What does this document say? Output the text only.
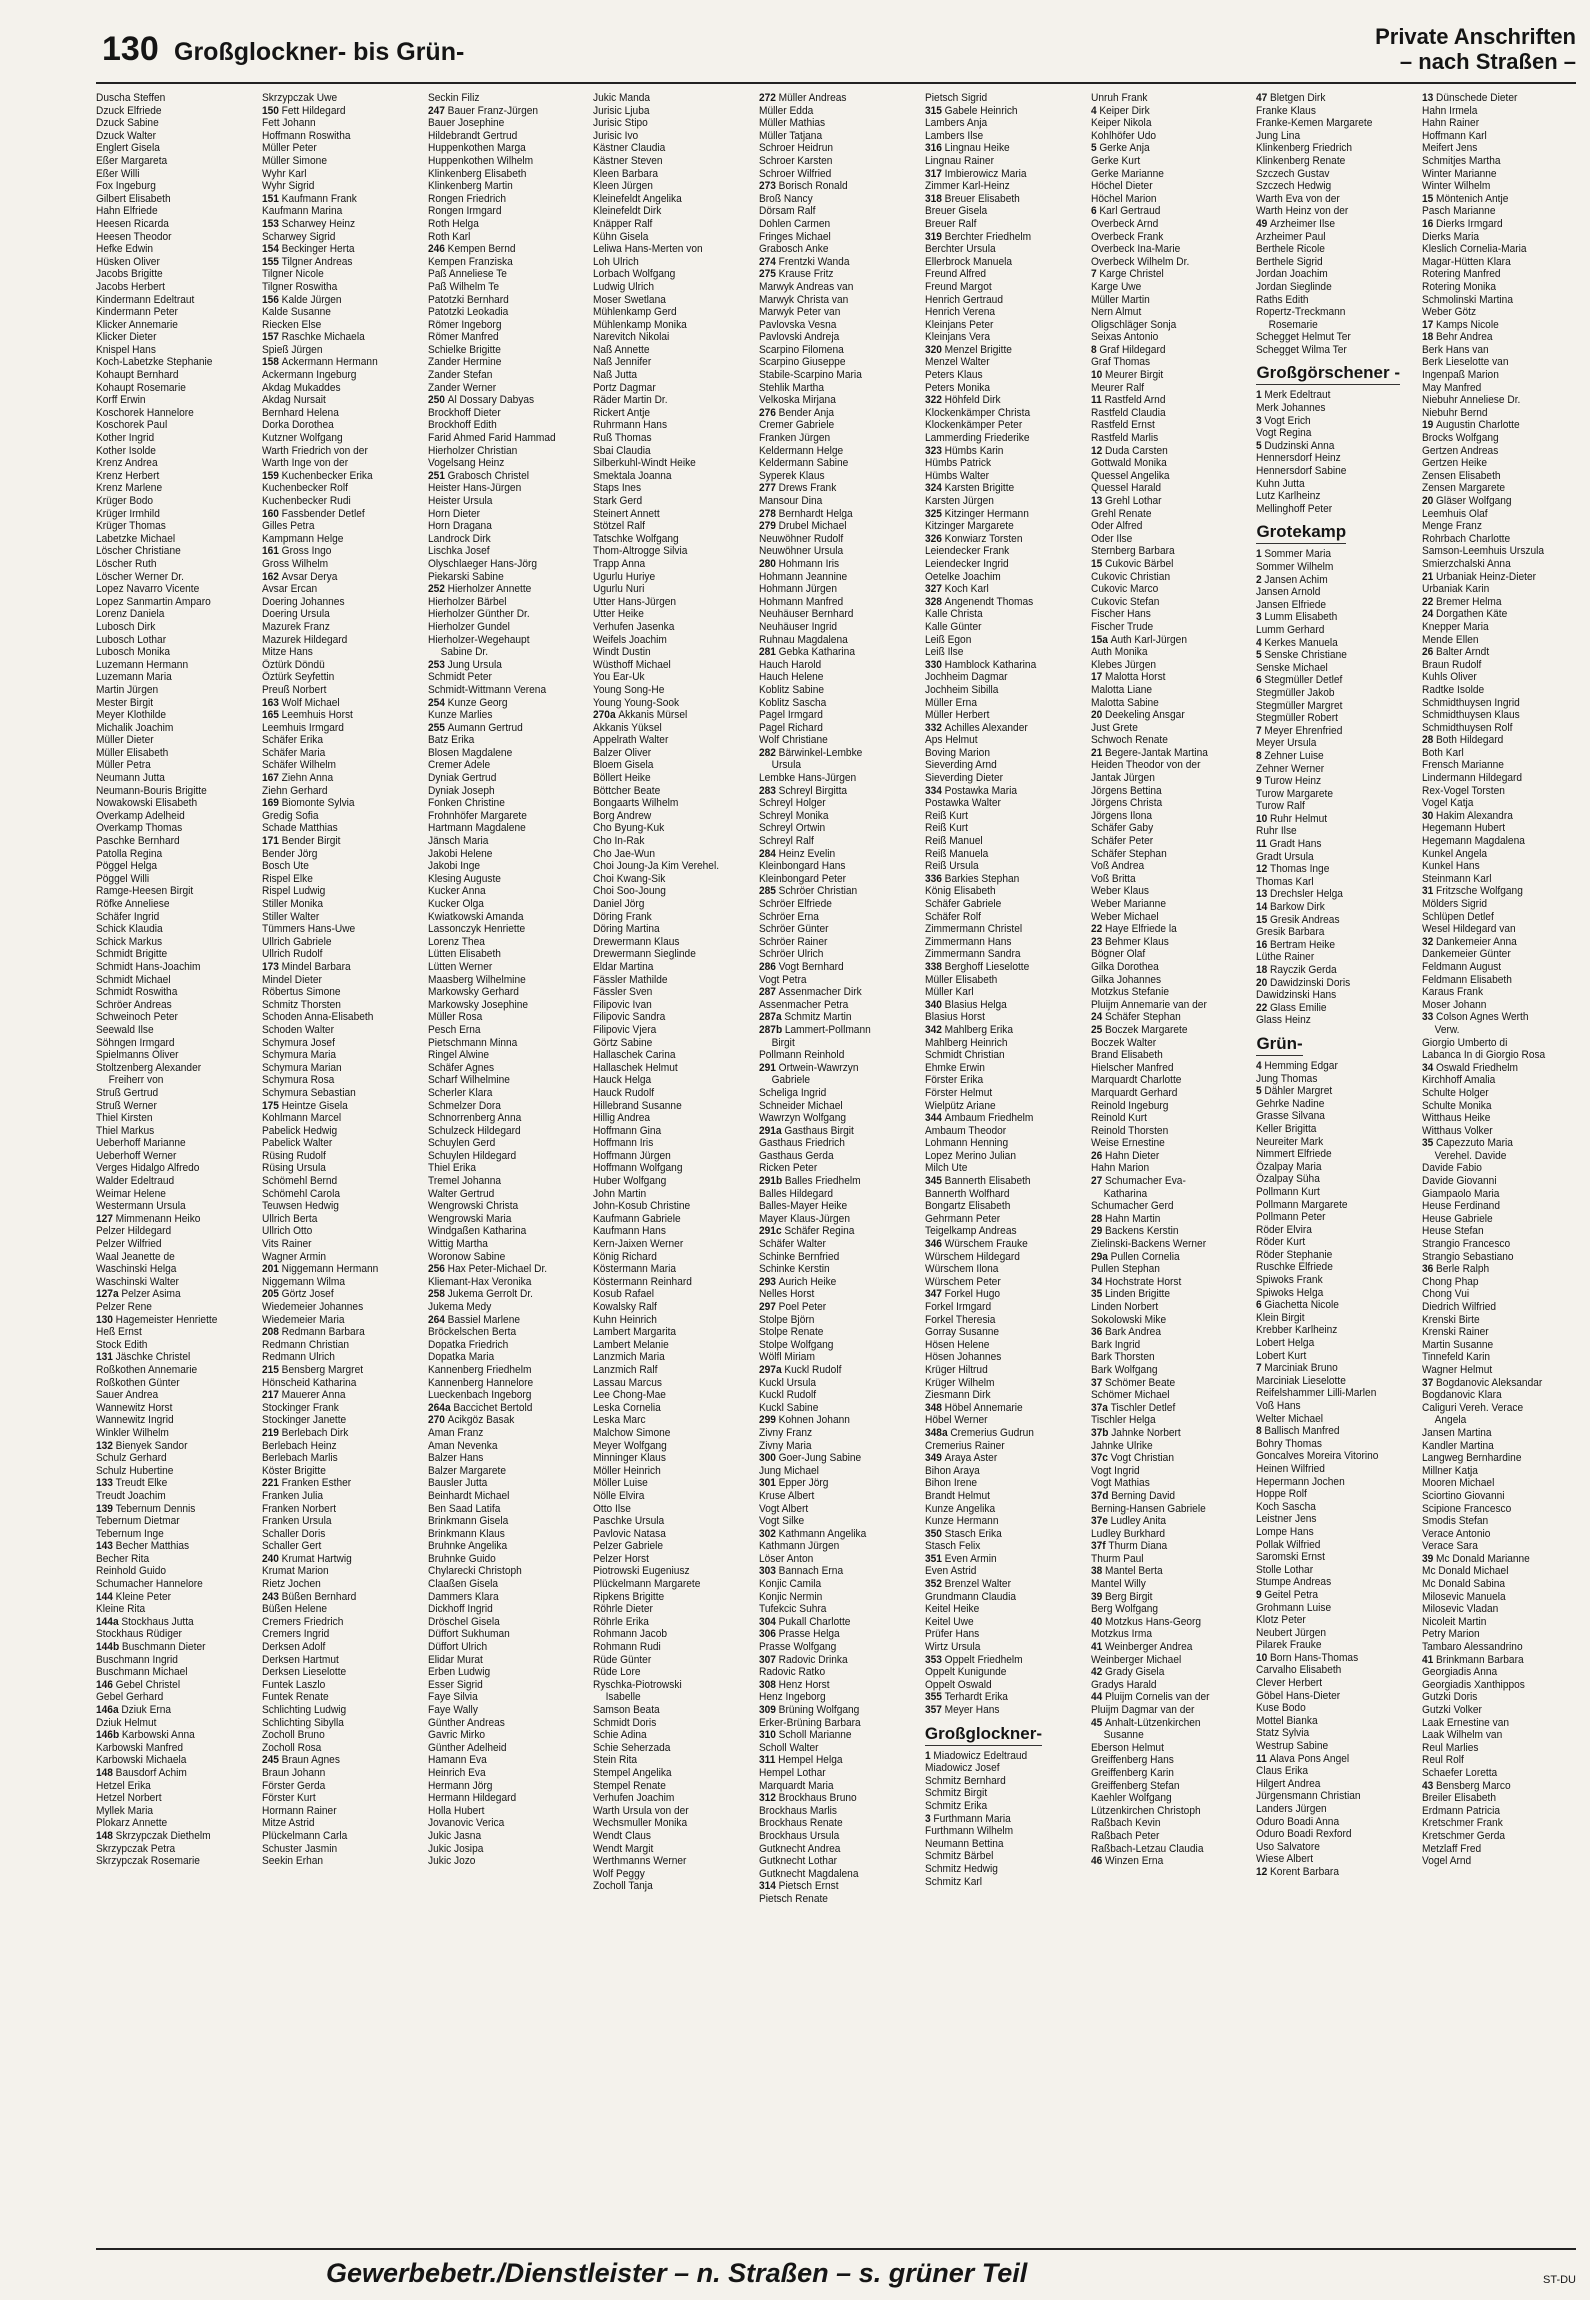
130 Großglockner- bis Grün-
Private Anschriften
– nach Straßen –
Duscha Steffen
Dzuck Elfriede
Dzuck Sabine
Dzuck Walter
Englert Gisela
Eßer Margareta
Eßer Willi
Fox Ingeburg
Gilbert Elisabeth
Hahn Elfriede
Heesen Ricarda
Heesen Theodor
Hefke Edwin
Hüsken Oliver
Jacobs Brigitte
Jacobs Herbert
Kindermann Edeltraut
Kindermann Peter
Klicker Annemarie
Klicker Dieter
Knispel Hans
Koch-Labetzke Stephanie
Kohaupt Bernhard
Kohaupt Rosemarie
Korff Erwin
Koschorek Hannelore
Koschorek Paul
Kother Ingrid
Kother Isolde
Krenz Andrea
Krenz Herbert
Krenz Marlene
Krüger Bodo
Krüger Irmhild
Krüger Thomas
Labetzke Michael
Löscher Christiane
Löscher Ruth
Löscher Werner Dr.
Lopez Navarro Vicente
Lopez Sanmartin Amparo
Lorenz Daniela
Lubosch Dirk
Lubosch Lothar
Lubosch Monika
Luzemann Hermann
Luzemann Maria
Martin Jürgen
Mester Birgit
Meyer Klothilde
Michalik Joachim
Müller Dieter
Müller Elisabeth
Müller Petra
Neumann Jutta
Neumann-Bouris Brigitte
Nowakowski Elisabeth
Overkamp Adelheid
Overkamp Thomas
Paschke Bernhard
Patolla Regina
Pöggel Helga
Pöggel Willi
Ramge-Heesen Birgit
Röfke Anneliese
Schäfer Ingrid
Schick Klaudia
Schick Markus
Schmidt Brigitte
Schmidt Hans-Joachim
Schmidt Michael
Schmidt Roswitha
Schröer Andreas
Schweinoch Peter
Seewald Ilse
Söhngen Irmgard
Spielmanns Oliver
Stoltzenberg Alexander
Freiherr von
Struß Gertrud
Struß Werner
Thiel Kirsten
Thiel Markus
Ueberhoff Marianne
Ueberhoff Werner
Verges Hidalgo Alfredo
Walder Edeltraud
Weimar Helene
Westermann Ursula
127 Mimmenann Heiko
Pelzer Hildegard
Pelzer Wilfried
Waal Jeanette de
Waschinski Helga
Waschinski Walter
127a Pelzer Asima
Pelzer Rene
130 Hagemeister Henriette
Heß Ernst
Stock Edith
131 Jäschke Christel
Roßkothen Annemarie
Roßkothen Günter
Sauer Andrea
Wannewitz Horst
Wannewitz Ingrid
Winkler Wilhelm
132 Bienyek Sandor
Schulz Gerhard
Schulz Hubertine
133 Treudt Elke
Treudt Joachim
139 Tebernum Dennis
Tebernum Dietmar
Tebernum Inge
143 Becher Matthias
Becher Rita
Reinhold Guido
Schumacher Hannelore
144 Kleine Peter
Kleine Rita
144a Stockhaus Jutta
Stockhaus Rüdiger
144b Buschmann Dieter
Buschmann Ingrid
Buschmann Michael
146 Gebel Christel
Gebel Gerhard
146a Dziuk Erna
Dziuk Helmut
146b Karbowski Anna
Karbowski Manfred
Karbowski Michaela
148 Bausdorf Achim
Hetzel Erika
Hetzel Norbert
Myllek Maria
Plokarz Annette
148 Skrzypczak Diethelm
Skrzypczak Petra
Skrzypczak Rosemarie
Skrzypczak Uwe
150 Fett Hildegard
Fett Johann
Hoffmann Roswitha
Müller Peter
Müller Simone
Wyhr Karl
Wyhr Sigrid
151 Kaufmann Frank
Kaufmann Marina
153 Scharwey Heinz
Scharwey Sigrid
154 Beckinger Herta
155 Tilgner Andreas
Tilgner Nicole
Tilgner Roswitha
156 Kalde Jürgen
Kalde Susanne
Riecken Else
157 Raschke Michaela
Spieß Jürgen
158 Ackermann Hermann
Ackermann Ingeburg
Akdag Mukaddes
Akdag Nursait
Bernhard Helena
Dorka Dorothea
Kutzner Wolfgang
Warth Friedrich von der
Warth Inge von der
159 Kuchenbecker Erika
Kuchenbecker Rolf
Kuchenbecker Rudi
160 Fassbender Detlef
Gilles Petra
Kampmann Helge
161 Gross Ingo
Gross Wilhelm
162 Avsar Derya
Avsar Ercan
Doering Johannes
Doering Ursula
Mazurek Franz
Mazurek Hildegard
Mitze Hans
Öztürk Döndü
Öztürk Seyfettin
Preuß Norbert
163 Wolf Michael
165 Leemhuis Horst
Leemhuis Irmgard
Schäfer Erika
Schäfer Maria
Schäfer Wilhelm
167 Ziehn Anna
Ziehn Gerhard
169 Biomonte Sylvia
Gredig Sofia
Schade Matthias
171 Bender Birgit
Bender Jörg
Bosch Ute
Rispel Elke
Rispel Ludwig
Stiller Monika
Stiller Walter
Tümmers Hans-Uwe
Ullrich Gabriele
Ullrich Rudolf
173 Mindel Barbara
Mindel Dieter
Röbertus Simone
Schmitz Thorsten
Schoden Anna-Elisabeth
Schoden Walter
Schymura Josef
Schymura Maria
Schymura Marian
Schymura Rosa
Schymura Sebastian
175 Heintze Gisela
Kohlmann Marcel
Pabelick Hedwig
Pabelick Walter
Rüsing Rudolf
Rüsing Ursula
Schömehl Bernd
Schömehl Carola
Teuwsen Hedwig
Ullrich Berta
Ullrich Otto
Vits Rainer
Wagner Armin
201 Niggemann Hermann
Niggemann Wilma
205 Görtz Josef
Wiedemeier Johannes
Wiedemeier Maria
208 Redmann Barbara
Redmann Christian
Redmann Ulrich
215 Bensberg Margret
Hönscheid Katharina
217 Mauerer Anna
Stockinger Frank
Stockinger Janette
219 Berlebach Dirk
Berlebach Heinz
Berlebach Marlis
Köster Brigitte
221 Franken Esther
Franken Julia
Franken Norbert
Franken Ursula
Schaller Doris
Schaller Gert
240 Krumat Hartwig
Krumat Marion
Rietz Jochen
243 Büßen Bernhard
Büßen Helene
Cremers Friedrich
Cremers Ingrid
Derksen Adolf
Derksen Hartmut
Derksen Lieselotte
Funtek Laszlo
Funtek Renate
Schlichting Ludwig
Schlichting Sibylla
Zocholl Bruno
Zocholl Rosa
245 Braun Agnes
Braun Johann
Förster Gerda
Förster Kurt
Hormann Rainer
Mitze Astrid
Plückelmann Carla
Schuster Jasmin
Seekin Erhan
Seckin Filiz
247 Bauer Franz-Jürgen
Bauer Josephine
Hildebrandt Gertrud
Huppenkothen Marga
Huppenkothen Wilhelm
Klinkenberg Elisabeth
Klinkenberg Martin
Rongen Friedrich
Rongen Irmgard
Roth Helga
Roth Karl
246 Kempen Bernd
Kempen Franziska
Paß Anneliese Te
Paß Wilhelm Te
Patotzki Bernhard
Patotzki Leokadia
Römer Ingeborg
Römer Manfred
Schielke Brigitte
Zander Hermine
Zander Stefan
Zander Werner
250 Al Dossary Dabyas
Brockhoff Dieter
Brockhoff Edith
Farid Ahmed Farid Hammad
Hierholzer Christian
Vogelsang Heinz
251 Grabosch Christel
Heister Hans-Jürgen
Heister Ursula
Horn Dieter
Horn Dragana
Landrock Dirk
Lischka Josef
Olyschlaeger Hans-Jörg
Piekarski Sabine
252 Hierholzer Annette
Hierholzer Bärbel
Hierholzer Günther Dr.
Hierholzer Gundel
Hierholzer-Wegehaupt
Sabine Dr.
253 Jung Ursula
Schmidt Peter
Schmidt-Wittmann Verena
254 Kunze Georg
Kunze Marlies
255 Aumann Gertrud
Batz Erika
Blosen Magdalene
Cremer Adele
Dyniak Gertrud
Dyniak Joseph
Fonken Christine
Frohnhöfer Margarete
Hartmann Magdalene
Jänsch Maria
Jakobi Helene
Jakobi Inge
Klesing Auguste
Kucker Anna
Kucker Olga
Kwiatkowski Amanda
Lassonczyk Henriette
Lorenz Thea
Lütten Elisabeth
Lütten Werner
Maasberg Wilhelmine
Markowsky Gerhard
Markowsky Josephine
Müller Rosa
Pesch Erna
Pietschmann Minna
Ringel Alwine
Schäfer Agnes
Scharf Wilhelmine
Scherler Klara
Schmelzer Dora
Schnorrenberg Anna
Schulzeck Hildegard
Schuylen Gerd
Schuylen Hildegard
Thiel Erika
Tremel Johanna
Walter Gertrud
Wengrowski Christa
Wengrowski Maria
Windgaßen Katharina
Wittig Martha
Woronow Sabine
256 Hax Peter-Michael Dr.
Kliemant-Hax Veronika
258 Jukema Gerrolt Dr.
Jukema Medy
264 Bassiel Marlene
Bröckelschen Berta
Dopatka Friedrich
Dopatka Maria
Kannenberg Friedhelm
Kannenberg Hannelore
Lueckenbach Ingeborg
264a Baccichet Bertold
270 Acikgöz Basak
Aman Franz
Aman Nevenka
Balzer Hans
Balzer Margarete
Bausler Jutta
Beinhardt Michael
Ben Saad Latifa
Brinkmann Gisela
Brinkmann Klaus
Bruhnke Angelika
Bruhnke Guido
Chylarecki Christoph
Claaßen Gisela
Dammers Klara
Dickhoff Ingrid
Dröschel Gisela
Düffort Sukhuman
Düffort Ulrich
Elidar Murat
Erben Ludwig
Esser Sigrid
Faye Silvia
Faye Wally
Günther Andreas
Gavric Mirko
Günther Adelheid
Hamann Eva
Heinrich Eva
Hermann Jörg
Hermann Hildegard
Holla Hubert
Jovanovic Verica
Jukic Jasna
Jukic Josipa
Jukic Jozo
Jukic Manda
Jurisic Ljuba
Jurisic Stipo
Jurisic Ivo
Kästner Claudia
Kästner Steven
Kleen Barbara
Kleen Jürgen
Kleinefeldt Angelika
Kleinefeldt Dirk
Knäpper Ralf
Kühn Gisela
Leliwa Hans-Merten von
Loh Ulrich
Lorbach Wolfgang
Ludwig Ulrich
Moser Swetlana
Mühlenkamp Gerd
Mühlenkamp Monika
Narevitch Nikolai
Naß Annette
Naß Jennifer
Naß Jutta
Portz Dagmar
Räder Martin Dr.
Rickert Antje
Ruhrmann Hans
Ruß Thomas
Sbai Claudia
Silberkuhl-Windt Heike
Smektala Joanna
Staps Ines
Stark Gerd
Steinert Annett
Stötzel Ralf
Tatschke Wolfgang
Thom-Altrogge Silvia
Trapp Anna
Ugurlu Huriye
Ugurlu Nuri
Utter Hans-Jürgen
Utter Heike
Verhufen Jasenka
Weifels Joachim
Windt Dustin
Wüsthoff Michael
You Ear-Uk
Young Song-He
Young Young-Sook
270a Akkanis Mürsel
Akkanis Yüksel
Appelrath Walter
Balzer Oliver
Bloem Gisela
Böllert Heike
Böttcher Beate
Bongaarts Wilhelm
Borg Andrew
Cho Byung-Kuk
Cho In-Rak
Cho Jae-Wun
Choi Joung-Ja Kim Verehel.
Choi Kwang-Sik
Choi Soo-Joung
Daniel Jörg
Döring Frank
Döring Martina
Drewermann Klaus
Drewermann Sieglinde
Eldar Martina
Fässler Mathilde
Fässler Sven
Filipovic Ivan
Filipovic Sandra
Filipovic Vjera
Görtz Sabine
Hallaschek Carina
Hallaschek Helmut
Hauck Helga
Hauck Rudolf
Hillebrand Susanne
Hillig Andrea
Hoffmann Gina
Hoffmann Iris
Hoffmann Jürgen
Hoffmann Wolfgang
Huber Wolfgang
John Martin
John-Kosub Christine
Kaufmann Gabriele
Kaufmann Hans
Kern-Jaixen Werner
König Richard
Köstermann Maria
Köstermann Reinhard
Kosub Rafael
Kowalsky Ralf
Kuhn Heinrich
Lambert Margarita
Lambert Melanie
Lanzmich Maria
Lanzmich Ralf
Lassau Marcus
Lee Chong-Mae
Leska Cornelia
Leska Marc
Malchow Simone
Meyer Wolfgang
Minninger Klaus
Möller Heinrich
Möller Luise
Nölle Elvira
Otto Ilse
Paschke Ursula
Pavlovic Natasa
Pelzer Gabriele
Pelzer Horst
Piotrowski Eugeniusz
Plückelmann Margarete
Ripkens Brigitte
Röhrle Dieter
Röhrle Erika
Rohmann Jacob
Rohmann Rudi
Rüde Günter
Rüde Lore
Ryschka-Piotrowski
Isabelle
Samson Beata
Schmidt Doris
Schie Adina
Schie Seherzada
Stein Rita
Stempel Angelika
Stempel Renate
Verhufen Joachim
Warth Ursula von der
Wechsmuller Monika
Wendt Claus
Wendt Margit
Werthmanns Werner
Wolf Peggy
Zocholl Tanja
272 Müller Andreas
Müller Edda
Müller Mathias
Müller Tatjana
Schroer Heidrun
Schroer Karsten
Schroer Wilfried
273 Borisch Ronald
Broß Nancy
Dörsam Ralf
Dohlen Carmen
Fringes Michael
Grabosch Anke
274 Frentzki Wanda
275 Krause Fritz
Marwyk Andreas van
Marwyk Christa van
Marwyk Peter van
Pavlovska Vesna
Pavlovski Andreja
Scarpino Filomena
Scarpino Giuseppe
Stabile-Scarpino Maria
Stehlik Martha
Velkoska Mirjana
276 Bender Anja
Cremer Gabriele
Franken Jürgen
Keldermann Helge
Keldermann Sabine
Syperek Klaus
277 Drews Frank
Mansour Dina
278 Bernhardt Helga
279 Drubel Michael
Neuwöhner Rudolf
Neuwöhner Ursula
280 Hohmann Iris
Hohmann Jeannine
Hohmann Jürgen
Hohmann Manfred
Neuhäuser Bernhard
Neuhäuser Ingrid
Ruhnau Magdalena
281 Gebka Katharina
Hauch Harold
Hauch Helene
Koblitz Sabine
Koblitz Sascha
Pagel Irmgard
Pagel Richard
Wolf Christiane
282 Bärwinkel-Lembke
Ursula
Lembke Hans-Jürgen
283 Schreyl Birgitta
Schreyl Holger
Schreyl Monika
Schreyl Ortwin
Schreyl Ralf
284 Heinz Evelin
Kleinbongard Hans
Kleinbongard Peter
285 Schröer Christian
Schröer Elfriede
Schröer Erna
Schröer Günter
Schröer Rainer
Schröer Ulrich
286 Vogt Bernhard
Vogt Petra
287 Assenmacher Dirk
Assenmacher Petra
287a Schmitz Martin
287b Lammert-Pollmann
Birgit
Pollmann Reinhold
291 Ortwein-Wawrzyn
Gabriele
Scheliga Ingrid
Schneider Michael
Wawrzyn Wolfgang
291a Gasthaus Birgit
Gasthaus Friedrich
Gasthaus Gerda
Ricken Peter
291b Balles Friedhelm
Balles Hildegard
Balles-Mayer Heike
Mayer Klaus-Jürgen
291c Schäfer Regina
Schäfer Walter
Schinke Bernfried
Schinke Kerstin
293 Aurich Heike
Nelles Horst
297 Poel Peter
Stolpe Björn
Stolpe Renate
Stolpe Wolfgang
Wölfl Miriam
297a Kuckl Rudolf
Kuckl Ursula
Kuckl Rudolf
Kuckl Sabine
299 Kohnen Johann
Zivny Franz
Zivny Maria
300 Goer-Jung Sabine
Jung Michael
301 Epper Jörg
Kruse Albert
Vogt Albert
Vogt Silke
302 Kathmann Angelika
Kathmann Jürgen
Löser Anton
303 Bannach Erna
Konjic Camila
Konjic Nermin
Tufekcic Suhra
304 Pukall Charlotte
306 Prasse Helga
Prasse Wolfgang
307 Radovic Drinka
Radovic Ratko
308 Henz Horst
Henz Ingeborg
309 Brüning Wolfgang
Erker-Brüning Barbara
310 Scholl Marianne
Scholl Walter
311 Hempel Helga
Hempel Lothar
Marquardt Maria
312 Brockhaus Bruno
Brockhaus Marlis
Brockhaus Renate
Brockhaus Ursula
Gutknecht Andrea
Gutknecht Lothar
Gutknecht Magdalena
314 Pietsch Ernst
Pietsch Renate
Pietsch Sigrid
315 Gabele Heinrich
Lambers Anja
Lambers Ilse
316 Lingnau Heike
Lingnau Rainer
317 Imbierowicz Maria
Zimmer Karl-Heinz
318 Breuer Elisabeth
Breuer Gisela
Breuer Ralf
319 Berchter Friedhelm
Berchter Ursula
Ellerbrock Manuela
Freund Alfred
Freund Margot
Henrich Gertraud
Henrich Verena
Kleinjans Peter
Kleinjans Vera
320 Menzel Brigitte
Menzel Walter
Peters Klaus
Peters Monika
322 Höhfeld Dirk
Klockenkämper Christa
Klockenkämper Peter
Lammerding Friederike
323 Hümbs Karin
Hümbs Patrick
Hümbs Walter
324 Karsten Brigitte
Karsten Jürgen
325 Kitzinger Hermann
Kitzinger Margarete
326 Konwiarz Torsten
Leiendecker Frank
Leiendecker Ingrid
Oetelke Joachim
327 Koch Karl
328 Angenendt Thomas
Kalle Christa
Kalle Günter
Leiß Egon
Leiß Ilse
330 Hamblock Katharina
Jochheim Dagmar
Jochheim Sibilla
Müller Erna
Müller Herbert
332 Achilles Alexander
Aps Helmut
Boving Marion
Sieverding Arnd
Sieverding Dieter
334 Postawka Maria
Postawka Walter
Reiß Kurt
Reiß Kurt
Reiß Manuel
Reiß Manuela
Reiß Ursula
336 Barkies Stephan
König Elisabeth
Schäfer Gabriele
Schäfer Rolf
Zimmermann Christel
Zimmermann Hans
Zimmermann Sandra
338 Berghoff Lieselotte
Müller Elisabeth
Müller Karl
340 Blasius Helga
Blasius Horst
342 Mahlberg Erika
Mahlberg Heinrich
Schmidt Christian
Ehmke Erwin
Förster Erika
Förster Helmut
Wielpütz Ariane
344 Ambaum Friedhelm
Ambaum Theodor
Lohmann Henning
Lopez Merino Julian
Milch Ute
345 Bannerth Elisabeth
Bannerth Wolfhard
Bongartz Elisabeth
Gehrmann Peter
Teigelkamp Andreas
346 Würschem Frauke
Würschem Hildegard
Würschem Ilona
Würschem Peter
347 Forkel Hugo
Forkel Irmgard
Forkel Theresia
Gorray Susanne
Hösen Helene
Hösen Johannes
Krüger Hiltrud
Krüger Wilhelm
Ziesmann Dirk
348 Höbel Annemarie
Höbel Werner
348a Cremerius Gudrun
Cremerius Rainer
349 Araya Aster
Bihon Araya
Bihon Irene
Brandt Helmut
Kunze Angelika
Kunze Hermann
350 Stasch Erika
Stasch Felix
351 Even Armin
Even Astrid
352 Brenzel Walter
Grundmann Claudia
Keitel Heike
Keitel Uwe
Prüfer Hans
Wirtz Ursula
353 Oppelt Friedhelm
Oppelt Kunigunde
Oppelt Oswald
355 Terhardt Erika
357 Meyer Hans
Großglockner-
1 Miadowicz Edeltraud
Miadowicz Josef
Schmitz Bernhard
Schmitz Birgit
Schmitz Erika
3 Furthmann Maria
Furthmann Wilhelm
Neumann Bettina
Schmitz Bärbel
Schmitz Hedwig
Schmitz Karl
Unruh Frank
4 Keiper Dirk
Keiper Nikola
Kohlhöfer Udo
5 Gerke Anja
Gerke Kurt
Gerke Marianne
Höchel Dieter
Höchel Marion
6 Karl Gertraud
Overbeck Arnd
Overbeck Frank
Overbeck Ina-Marie
Overbeck Wilhelm Dr.
7 Karge Christel
Karge Uwe
Müller Martin
Nern Almut
Oligschläger Sonja
Seixas Antonio
8 Graf Hildegard
Graf Thomas
10 Meurer Birgit
Meurer Ralf
11 Rastfeld Arnd
Rastfeld Claudia
Rastfeld Ernst
Rastfeld Marlis
12 Duda Carsten
Gottwald Monika
Quessel Angelika
Quessel Harald
13 Grehl Lothar
Grehl Renate
Oder Alfred
Oder Ilse
Sternberg Barbara
15 Cukovic Bärbel
Cukovic Christian
Cukovic Marco
Cukovic Stefan
Fischer Hans
Fischer Trude
15a Auth Karl-Jürgen
Auth Monika
Klebes Jürgen
17 Malotta Horst
Malotta Liane
Malotta Sabine
20 Deekeling Ansgar
Just Grete
Schwoch Renate
21 Begere-Jantak Martina
Heiden Theodor von der
Jantak Jürgen
Jörgens Bettina
Jörgens Christa
Jörgens Ilona
Schäfer Gaby
Schäfer Peter
Schäfer Stephan
Voß Andrea
Voß Britta
Weber Klaus
Weber Marianne
Weber Michael
22 Haye Elfriede la
23 Behmer Klaus
Bögner Olaf
Gilka Dorothea
Gilka Johannes
Motzkus Stefanie
Pluijm Annemarie van der
24 Schäfer Stephan
25 Boczek Margarete
Boczek Walter
Brand Elisabeth
Hielscher Manfred
Marquardt Charlotte
Marquardt Gerhard
Reinold Ingeburg
Reinold Kurt
Reinold Thorsten
Weise Ernestine
26 Hahn Dieter
Hahn Marion
27 Schumacher Eva-
Katharina
Schumacher Gerd
28 Hahn Martin
29 Backens Kerstin
Zielinski-Backens Werner
29a Pullen Cornelia
Pullen Stephan
34 Hochstrate Horst
35 Linden Brigitte
Linden Norbert
Sokolowski Mike
36 Bark Andrea
Bark Ingrid
Bark Thorsten
Bark Wolfgang
37 Schömer Beate
Schömer Michael
37a Tischler Detlef
Tischler Helga
37b Jahnke Norbert
Jahnke Ulrike
37c Vogt Christian
Vogt Ingrid
Vogt Mathias
37d Berning David
Berning-Hansen Gabriele
37e Ludley Anita
Ludley Burkhard
37f Thurm Diana
Thurm Paul
38 Mantel Berta
Mantel Willy
39 Berg Birgit
Berg Wolfgang
40 Motzkus Hans-Georg
Motzkus Irma
41 Weinberger Andrea
Weinberger Michael
42 Grady Gisela
Gradys Harald
44 Pluijm Cornelis van der
Pluijm Dagmar van der
45 Anhalt-Lützenkirchen
Susanne
Eberson Helmut
Greiffenberg Hans
Greiffenberg Karin
Greiffenberg Stefan
Kaehler Wolfgang
Lützenkirchen Christoph
Raßbach Kevin
Raßbach Peter
Raßbach-Letzau Claudia
46 Winzen Erna
47 Bletgen Dirk
Franke Klaus
Franke-Kemen Margarete
Jung Lina
Klinkenberg Friedrich
Klinkenberg Renate
Szczech Gustav
Szczech Hedwig
Warth Eva von der
Warth Heinz von der
49 Arzheimer Ilse
Arzheimer Paul
Berthele Ricole
Berthele Sigrid
Jordan Joachim
Jordan Sieglinde
Raths Edith
Ropertz-Treckmann
Rosemarie
Schegget Helmut Ter
Schegget Wilma Ter
Großgörschener -
1 Merk Edeltraut
Merk Johannes
3 Vogt Erich
Vogt Regina
5 Dudzinski Anna
Hennersdorf Heinz
Hennersdorf Sabine
Kuhn Jutta
Lutz Karlheinz
Mellinghoff Peter
Grotekamp
1 Sommer Maria
Sommer Wilhelm
2 Jansen Achim
Jansen Arnold
Jansen Elfriede
3 Lumm Elisabeth
Lumm Gerhard
4 Kerkes Manuela
5 Senske Christiane
Senske Michael
6 Stegmüller Detlef
Stegmüller Jakob
Stegmüller Margret
Stegmüller Robert
7 Meyer Ehrenfried
Meyer Ursula
8 Zehner Luise
Zehner Werner
9 Turow Heinz
Turow Margarete
Turow Ralf
10 Ruhr Helmut
Ruhr Ilse
11 Gradt Hans
Gradt Ursula
12 Thomas Inge
Thomas Karl
13 Drechsler Helga
14 Barkow Dirk
15 Gresik Andreas
Gresik Barbara
16 Bertram Heike
Lüthe Rainer
18 Rayczik Gerda
20 Dawidzinski Doris
Dawidzinski Hans
22 Glass Emilie
Glass Heinz
Grün-
4 Hemming Edgar
Jung Thomas
5 Dähler Margret
Gehrke Nadine
Grasse Silvana
Keller Brigitta
Neureiter Mark
Nimmert Elfriede
Özalpay Maria
Özalpay Süha
Pollmann Kurt
Pollmann Margarete
Pollmann Peter
Röder Elvira
Röder Kurt
Röder Stephanie
Ruschke Elfriede
Spiwoks Frank
Spiwoks Helga
6 Giachetta Nicole
Klein Birgit
Krebber Karlheinz
Lobert Helga
Lobert Kurt
7 Marciniak Bruno
Marciniak Lieselotte
Reifelshammer Lilli-Marlen
Voß Hans
Welter Michael
8 Ballisch Manfred
Bohry Thomas
Goncalves Moreira Vitorino
Heinen Wilfried
Hepermann Jochen
Hoppe Rolf
Koch Sascha
Leistner Jens
Lompe Hans
Pollak Wilfried
Saromski Ernst
Stolle Lothar
Stumpe Andreas
9 Geitel Petra
Grohmann Luise
Klotz Peter
Neubert Jürgen
Pilarek Frauke
10 Born Hans-Thomas
Carvalho Elisabeth
Clever Herbert
Göbel Hans-Dieter
Kuse Bodo
Mottel Bianka
Statz Sylvia
Westrup Sabine
11 Alava Pons Angel
Claus Erika
Hilgert Andrea
Jürgensmann Christian
Landers Jürgen
Oduro Boadi Anna
Oduro Boadi Rexford
Uso Salvatore
Wiese Albert
12 Korent Barbara
13 Dünschede Dieter
Hahn Irmela
Hahn Rainer
Hoffmann Karl
Meifert Jens
Schmitjes Martha
Winter Marianne
Winter Wilhelm
15 Möntenich Antje
Pasch Marianne
16 Dierks Irmgard
Dierks Maria
Kleslich Cornelia-Maria
Magar-Hütten Klara
Rotering Manfred
Rotering Monika
Schmolinski Martina
Weber Götz
17 Kamps Nicole
18 Behr Andrea
Berk Hans van
Berk Lieselotte van
Ingenpaß Marion
May Manfred
Niebuhr Anneliese Dr.
Niebuhr Bernd
19 Augustin Charlotte
Brocks Wolfgang
Gertzen Andreas
Gertzen Heike
Zensen Elisabeth
Zensen Margarete
20 Gläser Wolfgang
Leemhuis Olaf
Menge Franz
Rohrbach Charlotte
Samson-Leemhuis Urszula
Smierzchalski Anna
21 Urbaniak Heinz-Dieter
Urbaniak Karin
22 Bremer Helma
24 Dorgathen Käte
Knepper Maria
Mende Ellen
26 Balter Arndt
Braun Rudolf
Kuhls Oliver
Radtke Isolde
Schmidthuysen Ingrid
Schmidthuysen Klaus
Schmidthuysen Rolf
28 Both Hildegard
Both Karl
Frensch Marianne
Lindermann Hildegard
Rex-Vogel Torsten
Vogel Katja
30 Hakim Alexandra
Hegemann Hubert
Hegemann Magdalena
Kunkel Angela
Kunkel Hans
Steinmann Karl
31 Fritzsche Wolfgang
Mölders Sigrid
Schlüpen Detlef
Wesel Hildegard van
32 Dankemeier Anna
Dankemeier Günter
Feldmann August
Feldmann Elisabeth
Karaus Frank
Moser Johann
33 Colson Agnes Werth
Verw.
Giorgio Umberto di
Labanca In di Giorgio Rosa
34 Oswald Friedhelm
Kirchhoff Amalia
Schulte Holger
Schulte Monika
Witthaus Heike
Witthaus Volker
35 Capezzuto Maria
Verehel. Davide
Davide Fabio
Davide Giovanni
Giampaolo Maria
Heuse Ferdinand
Heuse Gabriele
Heuse Stefan
Strangio Francesco
Strangio Sebastiano
36 Berle Ralph
Chong Phap
Chong Vui
Diedrich Wilfried
Krenski Birte
Krenski Rainer
Martin Susanne
Tinnefeld Karin
Wagner Helmut
37 Bogdanovic Aleksandar
Bogdanovic Klara
Caliguri Vereh. Verace
Angela
Jansen Martina
Kandler Martina
Langweg Bernhardine
Millner Katja
Mooren Michael
Sciortino Giovanni
Scipione Francesco
Smodis Stefan
Verace Antonio
Verace Sara
39 Mc Donald Marianne
Mc Donald Michael
Mc Donald Sabina
Milosevic Manuela
Milosevic Vladan
Nicoleit Martin
Petry Marion
Tambaro Alessandrino
41 Brinkmann Barbara
Georgiadis Anna
Georgiadis Xanthippos
Gutzki Doris
Gutzki Volker
Laak Ernestine van
Laak Wilhelm van
Reul Marlies
Reul Rolf
Schaefer Loretta
43 Bensberg Marco
Breiler Elisabeth
Erdmann Patricia
Kretschmer Frank
Kretschmer Gerda
Metzlaff Fred
Vogel Arnd
Gewerbebetr./Dienstleister – n. Straßen – s. grüner Teil	ST-DU
